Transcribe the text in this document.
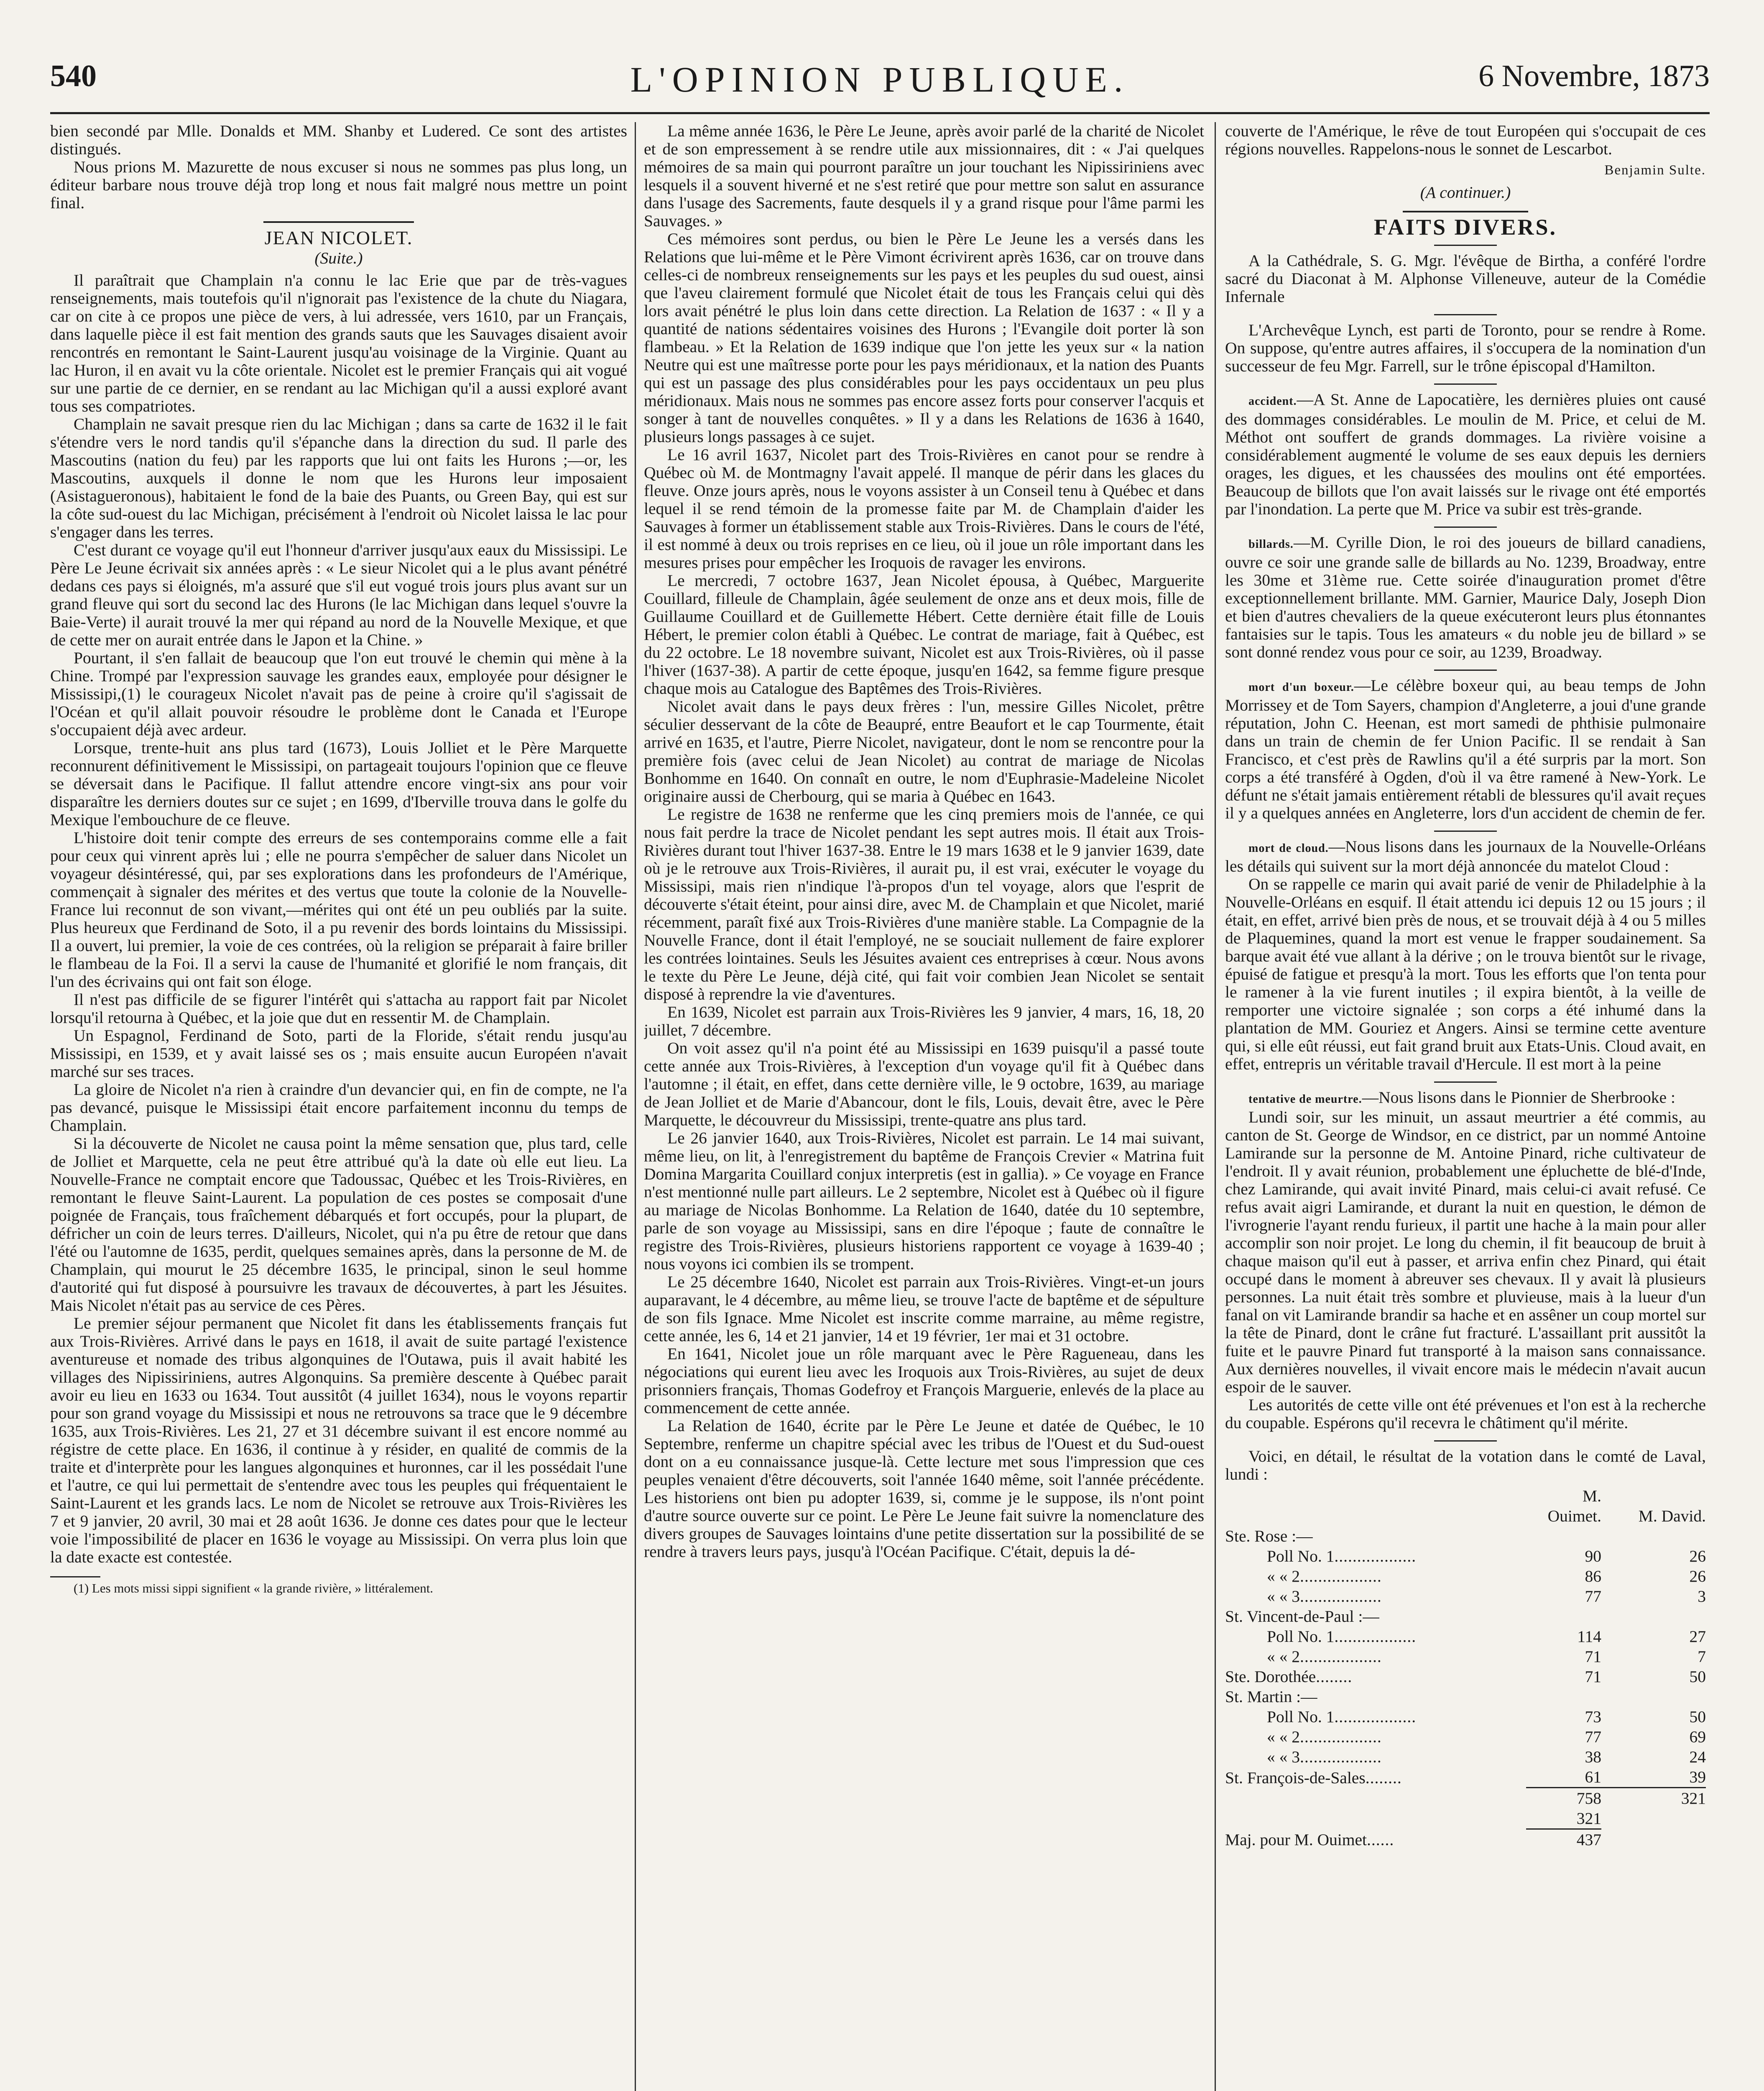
540	L'OPINION PUBLIQUE.	6 Novembre, 1873

bien secondé par Mlle. Donalds et MM. Shanby et Ludered. Ce sont des artistes distingués.

Nous prions M. Mazurette de nous excuser si nous ne sommes pas plus long, un éditeur barbare nous trouve déjà trop long et nous fait malgré nous mettre un point final.

JEAN NICOLET.
(Suite.)

Il paraîtrait que Champlain n'a connu le lac Erie que par de très-vagues renseignements, mais toutefois qu'il n'ignorait pas l'existence de la chute du Niagara, car on cite à ce propos une pièce de vers, à lui adressée, vers 1610, par un Français, dans laquelle pièce il est fait mention des grands sauts que les Sauvages disaient avoir rencontrés en remontant le Saint-Laurent jusqu'au voisinage de la Virginie. Quant au lac Huron, il en avait vu la côte orientale. Nicolet est le premier Français qui ait vogué sur une partie de ce dernier, en se rendant au lac Michigan qu'il a aussi exploré avant tous ses compatriotes.

Champlain ne savait presque rien du lac Michigan ; dans sa carte de 1632 il le fait s'étendre vers le nord tandis qu'il s'épanche dans la direction du sud. Il parle des Mascoutins (nation du feu) par les rapports que lui ont faits les Hurons ;—or, les Mascoutins, auxquels il donne le nom que les Hurons leur imposaient (Asistagueronous), habitaient le fond de la baie des Puants, ou Green Bay, qui est sur la côte sud-ouest du lac Michigan, précisément à l'endroit où Nicolet laissa le lac pour s'engager dans les terres.

C'est durant ce voyage qu'il eut l'honneur d'arriver jusqu'aux eaux du Mississipi. Le Père Le Jeune écrivait six années après : « Le sieur Nicolet qui a le plus avant pénétré dedans ces pays si éloignés, m'a assuré que s'il eut vogué trois jours plus avant sur un grand fleuve qui sort du second lac des Hurons (le lac Michigan dans lequel s'ouvre la Baie-Verte) il aurait trouvé la mer qui répand au nord de la Nouvelle Mexique, et que de cette mer on aurait entrée dans le Japon et la Chine. »

Pourtant, il s'en fallait de beaucoup que l'on eut trouvé le chemin qui mène à la Chine. Trompé par l'expression sauvage les grandes eaux, employée pour désigner le Mississipi,(1) le courageux Nicolet n'avait pas de peine à croire qu'il s'agissait de l'Océan et qu'il allait pouvoir résoudre le problème dont le Canada et l'Europe s'occupaient déjà avec ardeur.

Lorsque, trente-huit ans plus tard (1673), Louis Jolliet et le Père Marquette reconnurent définitivement le Mississipi, on partageait toujours l'opinion que ce fleuve se déversait dans le Pacifique. Il fallut attendre encore vingt-six ans pour voir disparaître les derniers doutes sur ce sujet ; en 1699, d'Iberville trouva dans le golfe du Mexique l'embouchure de ce fleuve.

L'histoire doit tenir compte des erreurs de ses contemporains comme elle a fait pour ceux qui vinrent après lui ; elle ne pourra s'empêcher de saluer dans Nicolet un voyageur désintéressé, qui, par ses explorations dans les profondeurs de l'Amérique, commençait à signaler des mérites et des vertus que toute la colonie de la Nouvelle-France lui reconnut de son vivant,—mérites qui ont été un peu oubliés par la suite. Plus heureux que Ferdinand de Soto, il a pu revenir des bords lointains du Mississipi. Il a ouvert, lui premier, la voie de ces contrées, où la religion se préparait à faire briller le flambeau de la Foi. Il a servi la cause de l'humanité et glorifié le nom français, dit l'un des écrivains qui ont fait son éloge.

Il n'est pas difficile de se figurer l'intérêt qui s'attacha au rapport fait par Nicolet lorsqu'il retourna à Québec, et la joie que dut en ressentir M. de Champlain.

Un Espagnol, Ferdinand de Soto, parti de la Floride, s'était rendu jusqu'au Mississipi, en 1539, et y avait laissé ses os ; mais ensuite aucun Européen n'avait marché sur ses traces.

La gloire de Nicolet n'a rien à craindre d'un devancier qui, en fin de compte, ne l'a pas devancé, puisque le Mississipi était encore parfaitement inconnu du temps de Champlain.

Si la découverte de Nicolet ne causa point la même sensation que, plus tard, celle de Jolliet et Marquette, cela ne peut être attribué qu'à la date où elle eut lieu. La Nouvelle-France ne comptait encore que Tadoussac, Québec et les Trois-Rivières, en remontant le fleuve Saint-Laurent. La population de ces postes se composait d'une poignée de Français, tous fraîchement débarqués et fort occupés, pour la plupart, de défricher un coin de leurs terres. D'ailleurs, Nicolet, qui n'a pu être de retour que dans l'été ou l'automne de 1635, perdit, quelques semaines après, dans la personne de M. de Champlain, qui mourut le 25 décembre 1635, le principal, sinon le seul homme d'autorité qui fut disposé à poursuivre les travaux de découvertes, à part les Jésuites. Mais Nicolet n'était pas au service de ces Pères.

Le premier séjour permanent que Nicolet fit dans les établissements français fut aux Trois-Rivières. Arrivé dans le pays en 1618, il avait de suite partagé l'existence aventureuse et nomade des tribus algonquines de l'Outawa, puis il avait habité les villages des Nipissiriniens, autres Algonquins. Sa première descente à Québec parait avoir eu lieu en 1633 ou 1634. Tout aussitôt (4 juillet 1634), nous le voyons repartir pour son grand voyage du Mississipi et nous ne retrouvons sa trace que le 9 décembre 1635, aux Trois-Rivières. Les 21, 27 et 31 décembre suivant il est encore nommé au régistre de cette place. En 1636, il continue à y résider, en qualité de commis de la traite et d'interprète pour les langues algonquines et huronnes, car il les possédait l'une et l'autre, ce qui lui permettait de s'entendre avec tous les peuples qui fréquentaient le Saint-Laurent et les grands lacs. Le nom de Nicolet se retrouve aux Trois-Rivières les 7 et 9 janvier, 20 avril, 30 mai et 28 août 1636. Je donne ces dates pour que le lecteur voie l'impossibilité de placer en 1636 le voyage au Mississipi. On verra plus loin que la date exacte est contestée.

(1) Les mots missi sippi signifient « la grande rivière, » littéralement.

La même année 1636, le Père Le Jeune, après avoir parlé de la charité de Nicolet et de son empressement à se rendre utile aux missionnaires, dit : « J'ai quelques mémoires de sa main qui pourront paraître un jour touchant les Nipissiriniens avec lesquels il a souvent hiverné et ne s'est retiré que pour mettre son salut en assurance dans l'usage des Sacrements, faute desquels il y a grand risque pour l'âme parmi les Sauvages. »

Ces mémoires sont perdus, ou bien le Père Le Jeune les a versés dans les Relations que lui-même et le Père Vimont écrivirent après 1636, car on trouve dans celles-ci de nombreux renseignements sur les pays et les peuples du sud ouest, ainsi que l'aveu clairement formulé que Nicolet était de tous les Français celui qui dès lors avait pénétré le plus loin dans cette direction. La Relation de 1637 : « Il y a quantité de nations sédentaires voisines des Hurons ; l'Evangile doit porter là son flambeau. » Et la Relation de 1639 indique que l'on jette les yeux sur « la nation Neutre qui est une maîtresse porte pour les pays méridionaux, et la nation des Puants qui est un passage des plus considérables pour les pays occidentaux un peu plus méridionaux. Mais nous ne sommes pas encore assez forts pour conserver l'acquis et songer à tant de nouvelles conquêtes. » Il y a dans les Relations de 1636 à 1640, plusieurs longs passages à ce sujet.

Le 16 avril 1637, Nicolet part des Trois-Rivières en canot pour se rendre à Québec où M. de Montmagny l'avait appelé. Il manque de périr dans les glaces du fleuve. Onze jours après, nous le voyons assister à un Conseil tenu à Québec et dans lequel il se rend témoin de la promesse faite par M. de Champlain d'aider les Sauvages à former un établissement stable aux Trois-Rivières. Dans le cours de l'été, il est nommé à deux ou trois reprises en ce lieu, où il joue un rôle important dans les mesures prises pour empêcher les Iroquois de ravager les environs.

Le mercredi, 7 octobre 1637, Jean Nicolet épousa, à Québec, Marguerite Couillard, filleule de Champlain, âgée seulement de onze ans et deux mois, fille de Guillaume Couillard et de Guillemette Hébert. Cette dernière était fille de Louis Hébert, le premier colon établi à Québec. Le contrat de mariage, fait à Québec, est du 22 octobre. Le 18 novembre suivant, Nicolet est aux Trois-Rivières, où il passe l'hiver (1637-38). A partir de cette époque, jusqu'en 1642, sa femme figure presque chaque mois au Catalogue des Baptêmes des Trois-Rivières.

Nicolet avait dans le pays deux frères : l'un, messire Gilles Nicolet, prêtre séculier desservant de la côte de Beaupré, entre Beaufort et le cap Tourmente, était arrivé en 1635, et l'autre, Pierre Nicolet, navigateur, dont le nom se rencontre pour la première fois (avec celui de Jean Nicolet) au contrat de mariage de Nicolas Bonhomme en 1640. On connaît en outre, le nom d'Euphrasie-Madeleine Nicolet originaire aussi de Cherbourg, qui se maria à Québec en 1643.

Le registre de 1638 ne renferme que les cinq premiers mois de l'année, ce qui nous fait perdre la trace de Nicolet pendant les sept autres mois. Il était aux Trois-Rivières durant tout l'hiver 1637-38. Entre le 19 mars 1638 et le 9 janvier 1639, date où je le retrouve aux Trois-Rivières, il aurait pu, il est vrai, exécuter le voyage du Mississipi, mais rien n'indique l'à-propos d'un tel voyage, alors que l'esprit de découverte s'était éteint, pour ainsi dire, avec M. de Champlain et que Nicolet, marié récemment, paraît fixé aux Trois-Rivières d'une manière stable. La Compagnie de la Nouvelle France, dont il était l'employé, ne se souciait nullement de faire explorer les contrées lointaines. Seuls les Jésuites avaient ces entreprises à cœur. Nous avons le texte du Père Le Jeune, déjà cité, qui fait voir combien Jean Nicolet se sentait disposé à reprendre la vie d'aventures.

En 1639, Nicolet est parrain aux Trois-Rivières les 9 janvier, 4 mars, 16, 18, 20 juillet, 7 décembre.

On voit assez qu'il n'a point été au Mississipi en 1639 puisqu'il a passé toute cette année aux Trois-Rivières, à l'exception d'un voyage qu'il fit à Québec dans l'automne ; il était, en effet, dans cette dernière ville, le 9 octobre, 1639, au mariage de Jean Jolliet et de Marie d'Abancour, dont le fils, Louis, devait être, avec le Père Marquette, le découvreur du Mississipi, trente-quatre ans plus tard.

Le 26 janvier 1640, aux Trois-Rivières, Nicolet est parrain. Le 14 mai suivant, même lieu, on lit, à l'enregistrement du baptême de François Crevier « Matrina fuit Domina Margarita Couillard conjux interpretis (est in gallia). » Ce voyage en France n'est mentionné nulle part ailleurs. Le 2 septembre, Nicolet est à Québec où il figure au mariage de Nicolas Bonhomme. La Relation de 1640, datée du 10 septembre, parle de son voyage au Mississipi, sans en dire l'époque ; faute de connaître le registre des Trois-Rivières, plusieurs historiens rapportent ce voyage à 1639-40 ; nous voyons ici combien ils se trompent.

Le 25 décembre 1640, Nicolet est parrain aux Trois-Rivières. Vingt-et-un jours auparavant, le 4 décembre, au même lieu, se trouve l'acte de baptême et de sépulture de son fils Ignace. Mme Nicolet est inscrite comme marraine, au même registre, cette année, les 6, 14 et 21 janvier, 14 et 19 février, 1er mai et 31 octobre.

En 1641, Nicolet joue un rôle marquant avec le Père Ragueneau, dans les négociations qui eurent lieu avec les Iroquois aux Trois-Rivières, au sujet de deux prisonniers français, Thomas Godefroy et François Marguerie, enlevés de la place au commencement de cette année.

La Relation de 1640, écrite par le Père Le Jeune et datée de Québec, le 10 Septembre, renferme un chapitre spécial avec les tribus de l'Ouest et du Sud-ouest dont on a eu connaissance jusque-là. Cette lecture met sous l'impression que ces peuples venaient d'être découverts, soit l'année 1640 même, soit l'année précédente. Les historiens ont bien pu adopter 1639, si, comme je le suppose, ils n'ont point d'autre source ouverte sur ce point. Le Père Le Jeune fait suivre la nomenclature des divers groupes de Sauvages lointains d'une petite dissertation sur la possibilité de se rendre à travers leurs pays, jusqu'à l'Océan Pacifique. C'était, depuis la dé-

couverte de l'Amérique, le rêve de tout Européen qui s'occupait de ces régions nouvelles. Rappelons-nous le sonnet de Lescarbot.

Benjamin Sulte.
(A continuer.)
FAITS DIVERS.

A la Cathédrale, S. G. Mgr. l'évêque de Birtha, a conféré l'ordre sacré du Diaconat à M. Alphonse Villeneuve, auteur de la Comédie Infernale

L'Archevêque Lynch, est parti de Toronto, pour se rendre à Rome. On suppose, qu'entre autres affaires, il s'occupera de la nomination d'un successeur de feu Mgr. Farrell, sur le trône épiscopal d'Hamilton.

accident.—A St. Anne de Lapocatière, les dernières pluies ont causé des dommages considérables. Le moulin de M. Price, et celui de M. Méthot ont souffert de grands dommages. La rivière voisine a considérablement augmenté le volume de ses eaux depuis les derniers orages, les digues, et les chaussées des moulins ont été emportées. Beaucoup de billots que l'on avait laissés sur le rivage ont été emportés par l'inondation. La perte que M. Price va subir est très-grande.

billards.—M. Cyrille Dion, le roi des joueurs de billard canadiens, ouvre ce soir une grande salle de billards au No. 1239, Broadway, entre les 30me et 31ème rue. Cette soirée d'inauguration promet d'être exceptionnellement brillante. MM. Garnier, Maurice Daly, Joseph Dion et bien d'autres chevaliers de la queue exécuteront leurs plus étonnantes fantaisies sur le tapis. Tous les amateurs « du noble jeu de billard » se sont donné rendez vous pour ce soir, au 1239, Broadway.

mort d'un boxeur.—Le célèbre boxeur qui, au beau temps de John Morrissey et de Tom Sayers, champion d'Angleterre, a joui d'une grande réputation, John C. Heenan, est mort samedi de phthisie pulmonaire dans un train de chemin de fer Union Pacific. Il se rendait à San Francisco, et c'est près de Rawlins qu'il a été surpris par la mort. Son corps a été transféré à Ogden, d'où il va être ramené à New-York. Le défunt ne s'était jamais entièrement rétabli de blessures qu'il avait reçues il y a quelques années en Angleterre, lors d'un accident de chemin de fer.

mort de cloud.—Nous lisons dans les journaux de la Nouvelle-Orléans les détails qui suivent sur la mort déjà annoncée du matelot Cloud :

On se rappelle ce marin qui avait parié de venir de Philadelphie à la Nouvelle-Orléans en esquif. Il était attendu ici depuis 12 ou 15 jours ; il était, en effet, arrivé bien près de nous, et se trouvait déjà à 4 ou 5 milles de Plaquemines, quand la mort est venue le frapper soudainement. Sa barque avait été vue allant à la dérive ; on le trouva bientôt sur le rivage, épuisé de fatigue et presqu'à la mort. Tous les efforts que l'on tenta pour le ramener à la vie furent inutiles ; il expira bientôt, à la veille de remporter une victoire signalée ; son corps a été inhumé dans la plantation de MM. Gouriez et Angers. Ainsi se termine cette aventure qui, si elle eût réussi, eut fait grand bruit aux Etats-Unis. Cloud avait, en effet, entrepris un véritable travail d'Hercule. Il est mort à la peine

tentative de meurtre.—Nous lisons dans le Pionnier de Sherbrooke :

Lundi soir, sur les minuit, un assaut meurtrier a été commis, au canton de St. George de Windsor, en ce district, par un nommé Antoine Lamirande sur la personne de M. Antoine Pinard, riche cultivateur de l'endroit. Il y avait réunion, probablement une épluchette de blé-d'Inde, chez Lamirande, qui avait invité Pinard, mais celui-ci avait refusé. Ce refus avait aigri Lamirande, et durant la nuit en question, le démon de l'ivrognerie l'ayant rendu furieux, il partit une hache à la main pour aller accomplir son noir projet. Le long du chemin, il fit beaucoup de bruit à chaque maison qu'il eut à passer, et arriva enfin chez Pinard, qui était occupé dans le moment à abreuver ses chevaux. Il y avait là plusieurs personnes. La nuit était très sombre et pluvieuse, mais à la lueur d'un fanal on vit Lamirande brandir sa hache et en assêner un coup mortel sur la tête de Pinard, dont le crâne fut fracturé. L'assaillant prit aussitôt la fuite et le pauvre Pinard fut transporté à la maison sans connaissance. Aux dernières nouvelles, il vivait encore mais le médecin n'avait aucun espoir de le sauver.

Les autorités de cette ville ont été prévenues et l'on est à la recherche du coupable. Espérons qu'il recevra le châtiment qu'il mérite.

Voici, en détail, le résultat de la votation dans le comté de Laval, lundi :

	M. Ouimet.	M. David.
Ste. Rose :—		
Poll No. 1..................	90	26
« « 2..................	86	26
« « 3..................	77	3
St. Vincent-de-Paul :—		
Poll No. 1..................	114	27
« « 2..................	71	7
Ste. Dorothée........	71	50
St. Martin :—		
Poll No. 1..................	73	50
« « 2..................	77	69
« « 3..................	38	24
St. François-de-Sales........	61	39
	758	321
	321	
Maj. pour M. Ouimet......	437	
